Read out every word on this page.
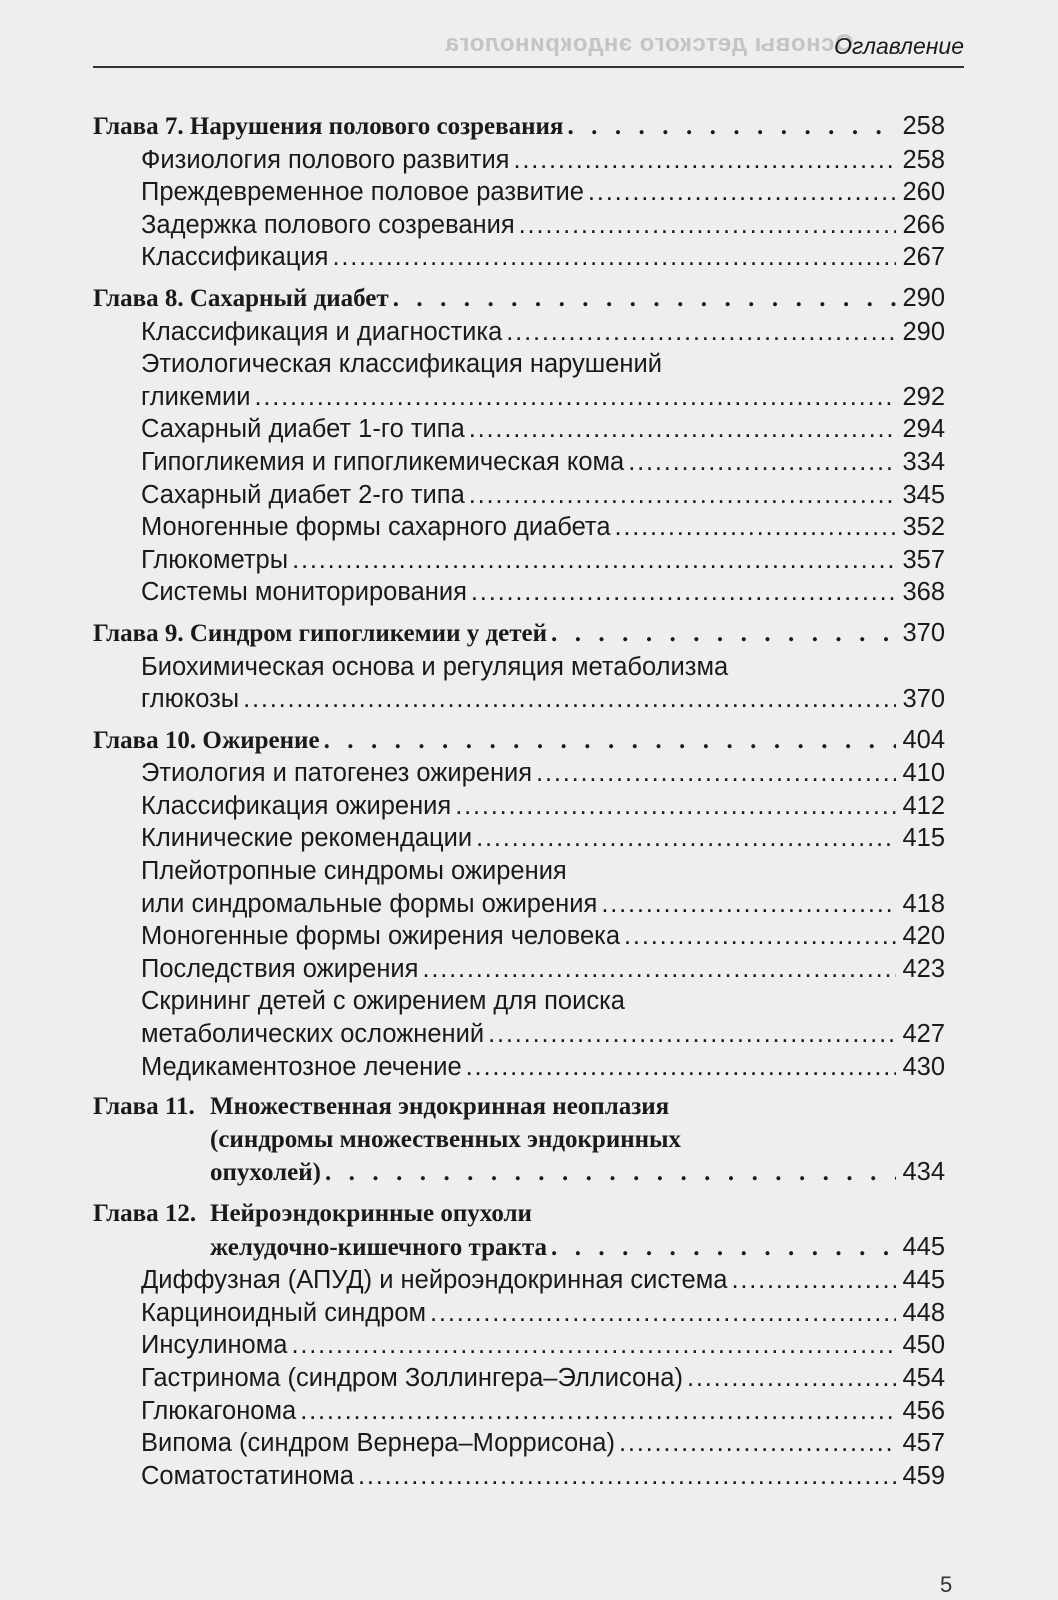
Основы детского эндокринолога
Оглавление
Глава 7. Нарушения полового созревания . . .	258
Физиология полового развития .....	258
Преждевременное половое развитие .....	260
Задержка полового созревания .....	266
Классификация .....	267
Глава 8. Сахарный диабет . . .	290
Классификация и диагностика .....	290
Этиологическая классификация нарушений
гликемии .....	292
Сахарный диабет 1-го типа .....	294
Гипогликемия и гипогликемическая кома .....	334
Сахарный диабет 2-го типа .....	345
Моногенные формы сахарного диабета .....	352
Глюкометры .....	357
Системы мониторирования .....	368
Глава 9. Синдром гипогликемии у детей . . .	370
Биохимическая основа и регуляция метаболизма
глюкозы .....	370
Глава 10. Ожирение . . .	404
Этиология и патогенез ожирения .....	410
Классификация ожирения .....	412
Клинические рекомендации .....	415
Плейотропные синдромы ожирения
или синдромальные формы ожирения .....	418
Моногенные формы ожирения человека .....	420
Последствия ожирения .....	423
Скрининг детей с ожирением для поиска
метаболических осложнений .....	427
Медикаментозное лечение .....	430
Глава 11. Множественная эндокринная неоплазия
(синдромы множественных эндокринных
опухолей) . . .	434
Глава 12. Нейроэндокринные опухоли
желудочно-кишечного тракта . . .	445
Диффузная (АПУД) и нейроэндокринная система .....	445
Карциноидный синдром .....	448
Инсулинома .....	450
Гастринома (синдром Золлингера–Эллисона) .....	454
Глюкагонома .....	456
Випома (синдром Вернера–Моррисона) .....	457
Соматостатинома .....	459
5
